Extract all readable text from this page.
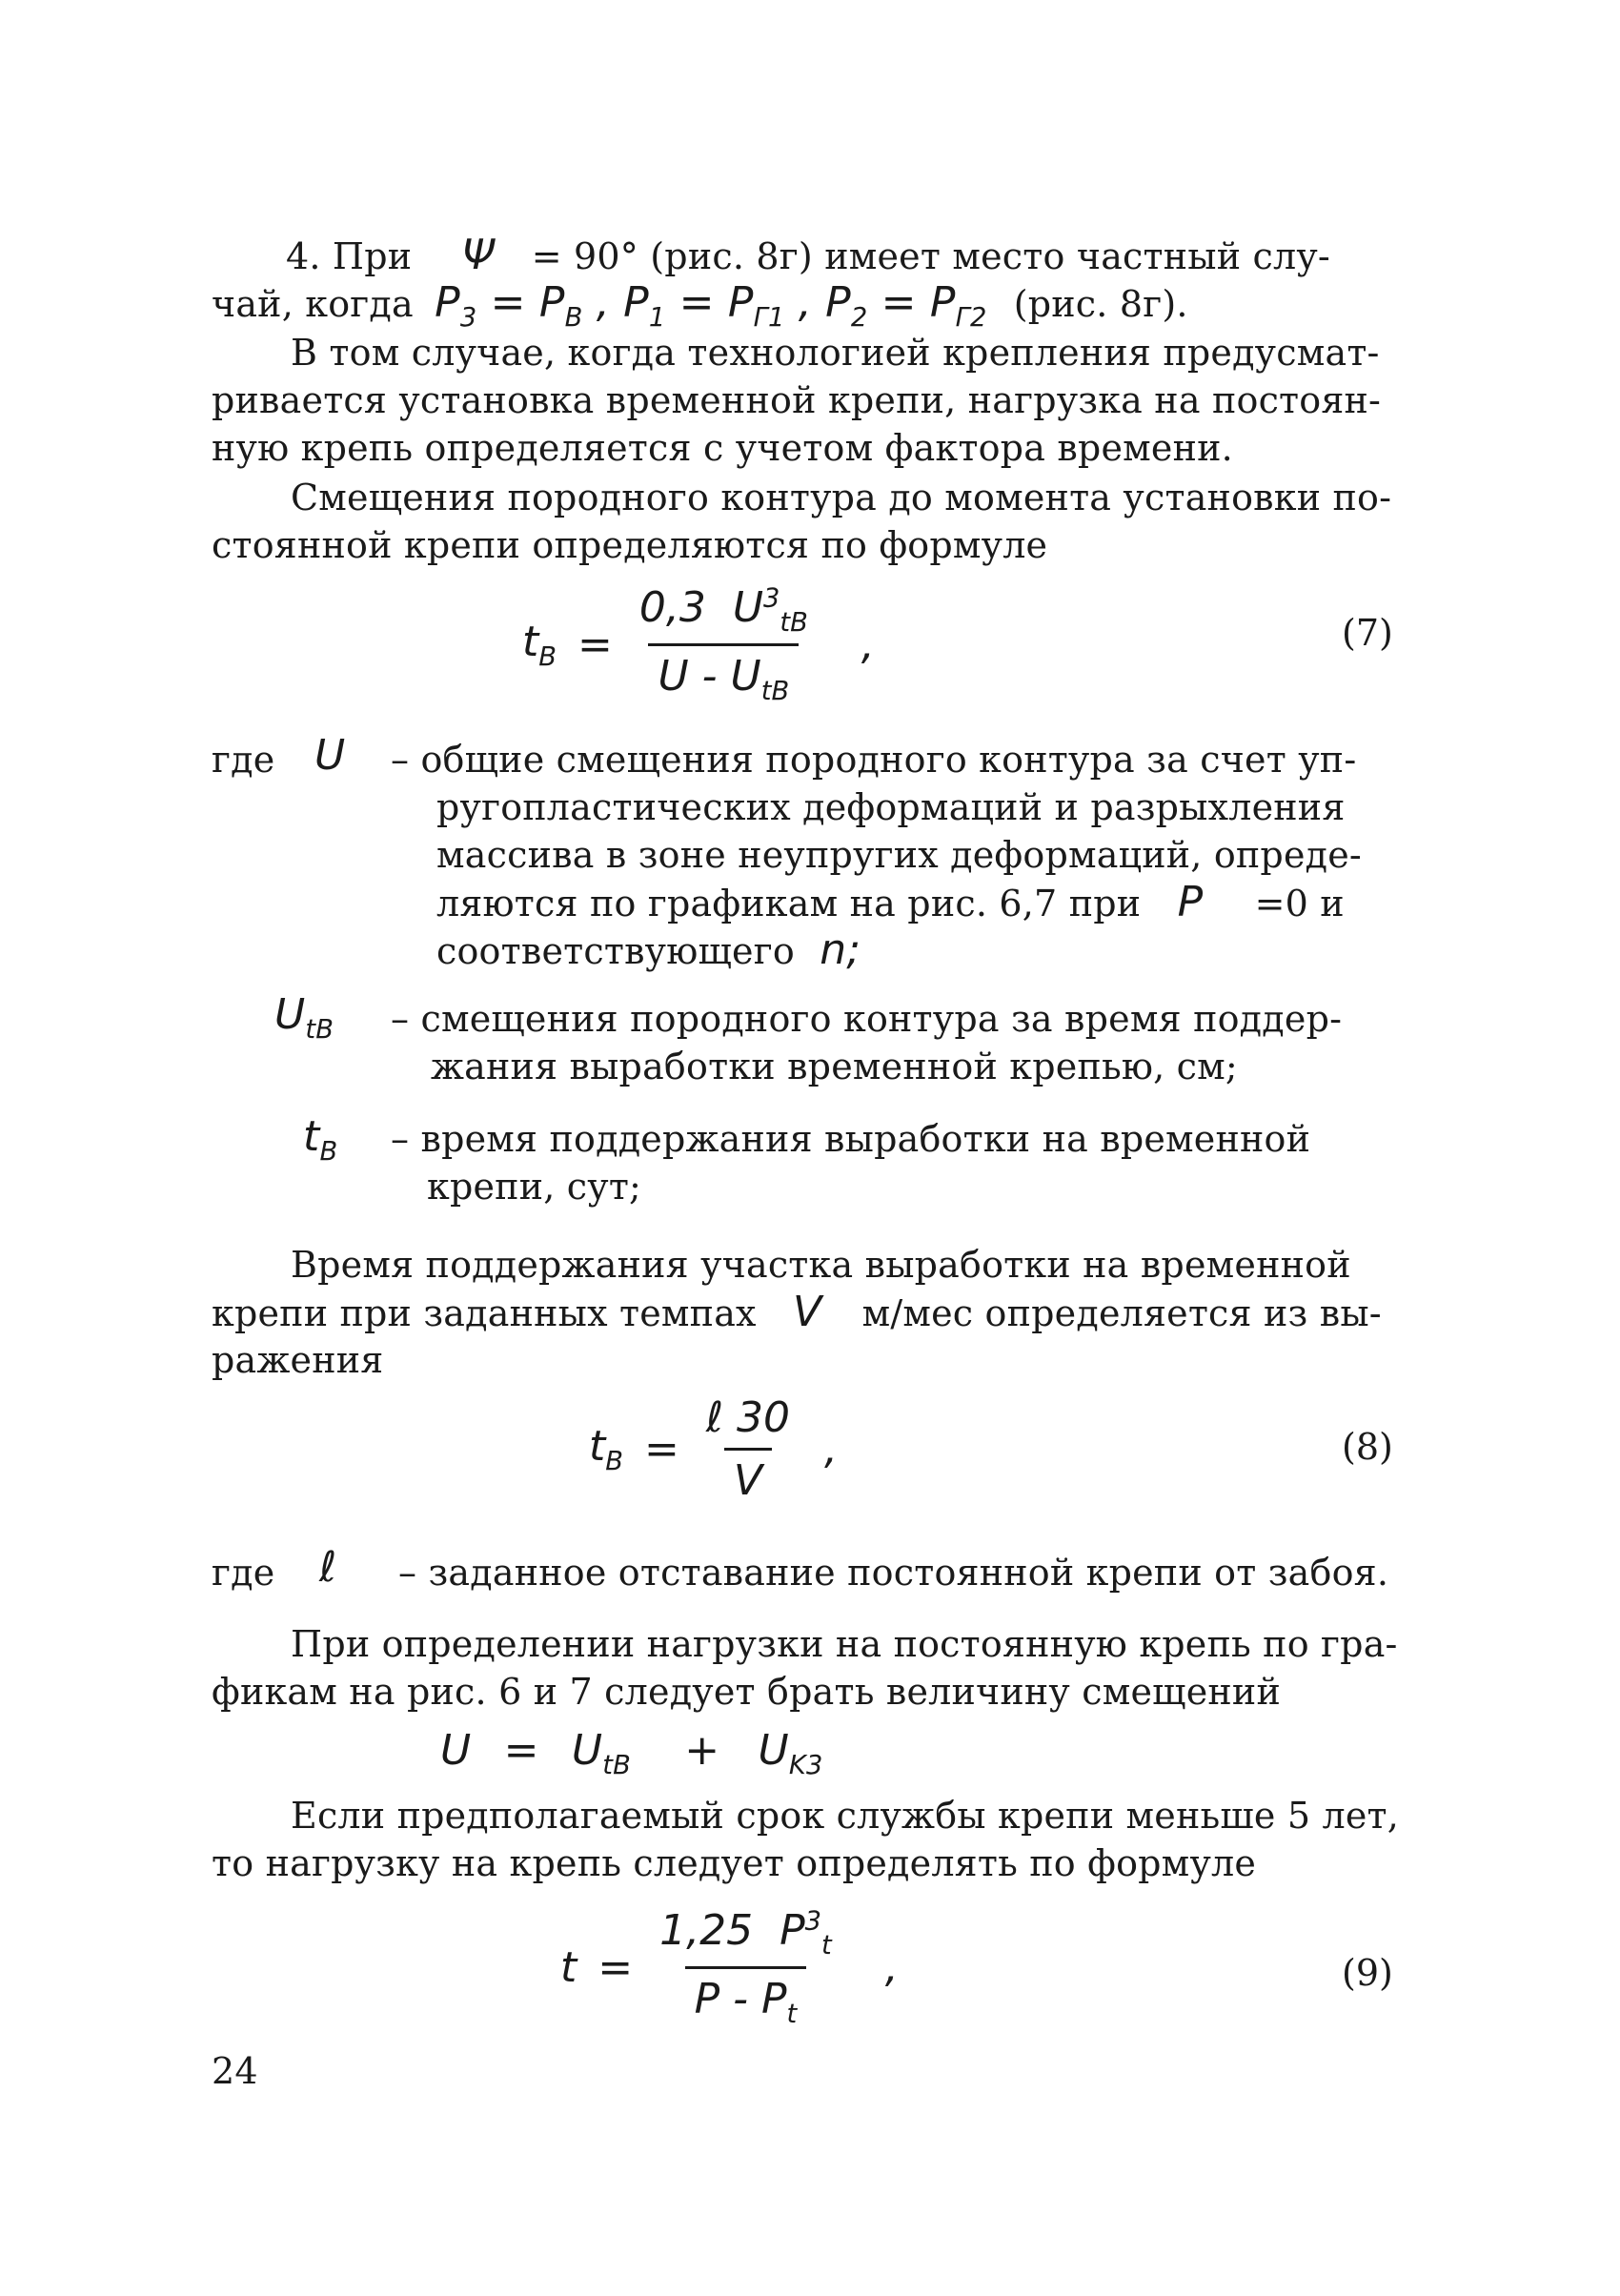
4. При Ψ = 90° (рис. 8г) имеет место частный слу-
чай, когда $P_3 = P_B$ , $P_1 = P_{Г1}$ , $P_2 = P_{Г2}$ (рис. 8г).
В том случае, когда технологией крепления предусмат-
ривается установка временной крепи, нагрузка на постоян-
ную крепь определяется с учетом фактора времени.
Смещения породного контура до момента установки по-
стоянной крепи определяются по формуле
$t_B = \frac{0,3 U^3_{tB}}{U - U_{tB}}$ ,	(7)
где U – общие смещения породного контура за счет уп-
ругопластических деформаций и разрыхления
массива в зоне неупругих деформаций, опреде-
ляются по графикам на рис. 6,7 при P =0 и
соответствующего n;
$U_{tB}$ – смещения породного контура за время поддер-
жания выработки временной крепью, см;
$t_B$ – время поддержания выработки на временной
крепи, сут;
Время поддержания участка выработки на временной
крепи при заданных темпах V м/мес определяется из вы-
ражения
$t_B = \frac{\text{ℓ 30}}{V}$ ,	(8)
где ℓ – заданное отставание постоянной крепи от забоя.
При определении нагрузки на постоянную крепь по гра-
фикам на рис. 6 и 7 следует брать величину смещений
$U = U_{tB} + U_{K3}$
Если предполагаемый срок службы крепи меньше 5 лет,
то нагрузку на крепь следует определять по формуле
$t = \frac{1,25 P^3_t}{P - P_t}$ ,	(9)
24
